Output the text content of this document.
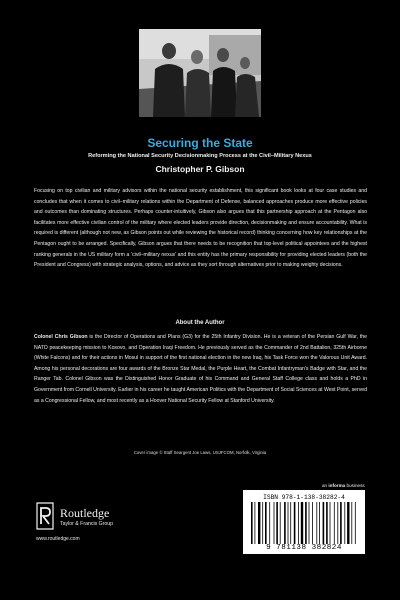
Securing the State
Reforming the National Security Decisionmaking Process at the Civil–Military Nexus
Christopher P. Gibson

Focusing on top civilian and military advisors within the national security establishment, this significant book looks at four case studies and concludes that when it comes to civil–military relations within the Department of Defense, balanced approaches produce more effective policies and outcomes than dominating structures. Perhaps counter-intuitively, Gibson also argues that this partnership approach at the Pentagon also facilitates more effective civilian control of the military where elected leaders provide direction, decisionmaking and ensure accountability. What is required is different (although not new, as Gibson points out while reviewing the historical record) thinking concerning how key relationships at the Pentagon ought to be arranged. Specifically, Gibson argues that there needs to be recognition that top-level political appointees and the highest ranking generals in the US military form a ‘civil–military nexus’ and this entity has the primary responsibility for providing elected leaders (both the President and Congress) with strategic analysis, options, and advice as they sort through alternatives prior to making weighty decisions.

About the Author

Colonel Chris Gibson is the Director of Operations and Plans (G3) for the 25th Infantry Division. He is a veteran of the Persian Gulf War, the NATO peacekeeping mission to Kosovo, and Operation Iraqi Freedom. He previously served as the Commander of 2nd Battalion, 325th Airborne (White Falcons) and for their actions in Mosul in support of the first national election in the new Iraq, his Task Force won the Valorous Unit Award. Among his personal decorations are four awards of the Bronze Star Medal, the Purple Heart, the Combat Infantryman’s Badge with Star, and the Ranger Tab. Colonel Gibson was the Distinguished Honor Graduate of his Command and General Staff College class and holds a PhD in Government from Cornell University. Earlier in his career he taught American Politics with the Department of Social Sciences at West Point, served as a Congressional Fellow, and most recently as a Hoover National Security Fellow at Stanford University.

Cover image © Staff Seargent Joe Laws, USJFCOM, Norfolk, Virginia
an informa business
Routledge
Taylor & Francis Group
www.routledge.com
ISBN 978-1-138-38282-4
9 781138 382824
